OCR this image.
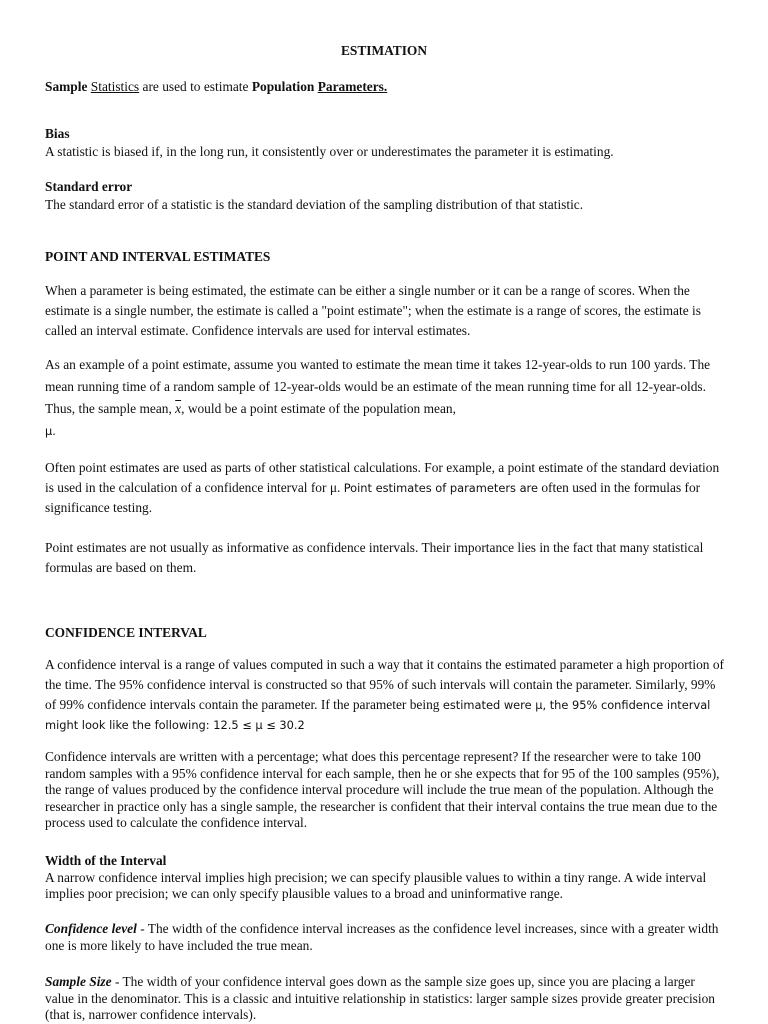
ESTIMATION

Sample Statistics are used to estimate Population Parameters.

Bias
A statistic is biased if, in the long run, it consistently over or underestimates the parameter it is estimating.

Standard error
The standard error of a statistic is the standard deviation of the sampling distribution of that statistic.

POINT AND INTERVAL ESTIMATES

When a parameter is being estimated, the estimate can be either a single number or it can be a range of scores. When the estimate is a single number, the estimate is called a "point estimate"; when the estimate is a range of scores, the estimate is called an interval estimate. Confidence intervals are used for interval estimates.

As an example of a point estimate, assume you wanted to estimate the mean time it takes 12-year-olds to run 100 yards. The mean running time of a random sample of 12-year-olds would be an estimate of the mean running time for all 12-year-olds. Thus, the sample mean, $\overline{x}$, would be a point estimate of the population mean,
μ.

Often point estimates are used as parts of other statistical calculations. For example, a point estimate of the standard deviation is used in the calculation of a confidence interval for μ. Point estimates of parameters are often used in the formulas for significance testing.

Point estimates are not usually as informative as confidence intervals. Their importance lies in the fact that many statistical formulas are based on them.

CONFIDENCE INTERVAL

A confidence interval is a range of values computed in such a way that it contains the estimated parameter a high proportion of the time. The 95% confidence interval is constructed so that 95% of such intervals will contain the parameter. Similarly, 99% of 99% confidence intervals contain the parameter. If the parameter being estimated were μ, the 95% confidence interval might look like the following: 12.5 ≤ μ ≤ 30.2

Confidence intervals are written with a percentage; what does this percentage represent? If the researcher were to take 100 random samples with a 95% confidence interval for each sample, then he or she expects that for 95 of the 100 samples (95%), the range of values produced by the confidence interval procedure will include the true mean of the population. Although the researcher in practice only has a single sample, the researcher is confident that their interval contains the true mean due to the process used to calculate the confidence interval.

Width of the Interval
A narrow confidence interval implies high precision; we can specify plausible values to within a tiny range. A wide interval implies poor precision; we can only specify plausible values to a broad and uninformative range.

Confidence level - The width of the confidence interval increases as the confidence level increases, since with a greater width one is more likely to have included the true mean.

Sample Size - The width of your confidence interval goes down as the sample size goes up, since you are placing a larger value in the denominator. This is a classic and intuitive relationship in statistics: larger sample sizes provide greater precision (that is, narrower confidence intervals).
